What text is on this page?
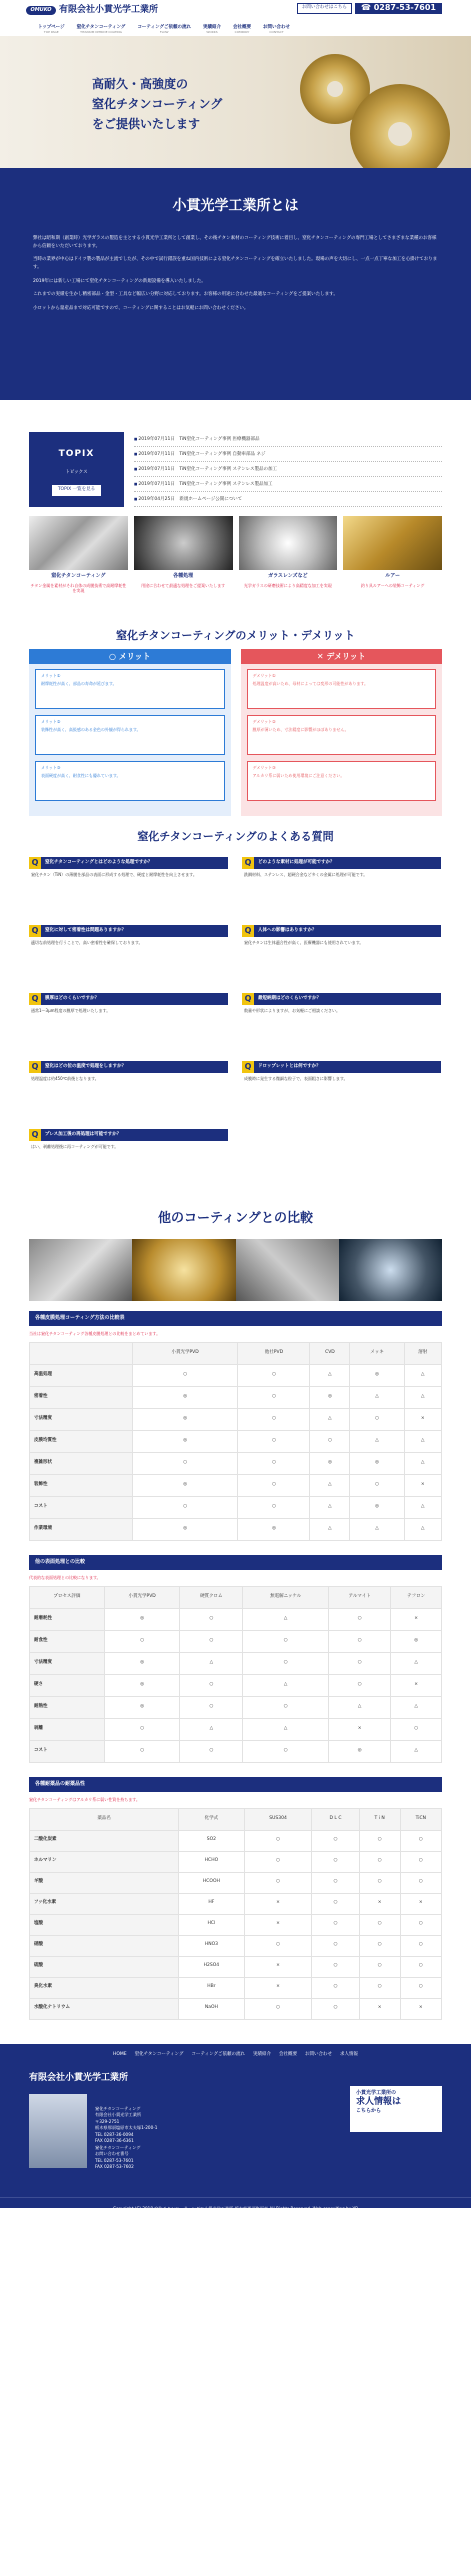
OMUKO 有限会社小貫光学工業所	お問い合わせはこちら	☎ 0287-53-7601
トップページ
TOP PAGE
窒化チタンコーティング
TITANIUM NITRIDE COATING
コーティングご依頼の流れ
FLOW
実績紹介
WORKS
会社概要
COMPANY
お問い合わせ
CONTACT
高耐久・高強度の
窒化チタンコーティング
をご提供いたします
小貫光学工業所とは

弊社は昭和期（創業時）光学ガラスの製造を主とする小貫光学工業所として創業し、その後チタン素材のコーティング技術に着目し、窒化チタンコーティングの専門工場としてさまざまな業種のお客様から信頼をいただいております。

当時の業界が中心はドイツ製の製品が主流でしたが、その中で試行錯誤を重ね国内技術による窒化チタンコーティングを確立いたしました。現場の声を大切にし、一点一点丁寧な加工を心掛けております。

2019年には新しい工場にて窒化チタンコーティングの新規設備を導入いたしました。

これまでの実績を生かし精密部品・金型・工具など幅広い分野に対応しております。お客様の用途に合わせた最適なコーティングをご提案いたします。

小ロットから量産品まで対応可能ですので、コーティングに関することはお気軽にお問い合わせください。

TOPIX
トピックス
TOPIX 一覧を見る
■ 2019年07月11日　TiN窒化コーティング事例 医療機器部品
■ 2019年07月11日　TiN窒化コーティング事例 自動車部品 ネジ
■ 2019年07月11日　TiN窒化コーティング事例 ステンレス製品の加工
■ 2019年07月11日　TiN窒化コーティング事例 ステンレス製品加工
■ 2019年04月25日　新規ホームページ公開について
窒化チタンコーティング
チタン金属を素材がそれ自体の成膜技術で高耐摩耗性を実現
各種処理
用途に合わせて最適な処理をご提案いたします
ガラスレンズなど
光学ガラスの研磨技術により高精度な加工を実現
ルアー
釣り具ルアーへの装飾コーティング
窒化チタンコーティングのメリット・デメリット
○ メリット
メリット①
耐摩耗性が高く、部品の寿命が延びます。
メリット②
装飾性が高く、高級感のある金色の外観が得られます。
メリット③
表面硬度が高く、耐食性にも優れています。
✕ デメリット
デメリット①
処理温度が高いため、母材によっては変形の可能性があります。
デメリット②
膜厚が薄いため、寸法精度に影響がほぼありません。
デメリット③
アルカリ系に弱いため使用環境にご注意ください。
窒化チタンコーティングのよくある質問
Q	窒化チタンコーティングとはどのような処理ですか？
窒化チタン（TiN）の薄膜を部品の表面に形成する処理で、硬度と耐摩耗性を向上させます。
Q	どのような素材に処理が可能ですか？
鉄鋼材料、ステンレス、超硬合金など多くの金属に処理が可能です。
Q	窒化に対して密着性は問題ありますか？
適切な前処理を行うことで、高い密着性を確保しております。
Q	人体への影響はありますか？
窒化チタンは生体適合性が高く、医療機器にも使用されています。
Q	膜厚はどのくらいですか？
通常1〜3μm程度の膜厚で処理いたします。
Q	最短納期はどのくらいですか？
数量や形状によりますが、お気軽にご相談ください。
Q	窒化はどの位の温度で処理をしますか？
処理温度は約450℃前後となります。
Q	ドロップレットとは何ですか？
成膜時に発生する微細な粒子で、表面粗さに影響します。
Q	プレス加工後の再処理は可能ですか？
はい、剥離処理後に再コーティングが可能です。
他のコーティングとの比較
各種皮膜処理コーティング方法の比較表
当社は窒化チタンコーティング各種皮膜処理との比較をまとめています。
	小貫光学PVD	他社PVD	CVD	メッキ	溶射
高温処理	○	○	△	◎	△
密着性	◎	○	◎	△	△
寸法精度	◎	○	△	○	×
皮膜均質性	◎	○	○	△	△
複雑形状	○	○	◎	◎	△
装飾性	◎	○	△	○	×
コスト	○	○	△	◎	△
作業環境	◎	◎	△	△	△
他の表面処理との比較
代表的な表面処理との比較になります。
プロセス評価	小貫光学PVD	硬質クロム	無電解ニッケル	アルマイト	テフロン
耐磨耗性	◎	○	△	○	×
耐食性	○	○	○	○	◎
寸法精度	◎	△	○	○	△
硬さ	◎	○	△	○	×
耐熱性	◎	○	○	△	△
剥離	○	△	△	×	○
コスト	○	○	○	◎	△
各種耐薬品の耐薬品性
窒化チタンコーティングはアルカリ系に弱い性質を持ちます。
薬品名	化学式	SUS304	D L C	T i N	TiCN
二酸化炭素	SO2	○	○	○	○
ホルマリン	HCHO	○	○	○	○
ギ酸	HCOOH	○	○	○	○
フッ化水素	HF	×	○	×	×
塩酸	HCl	×	○	○	○
硝酸	HNO3	○	○	○	○
硫酸	H2SO4	×	○	○	○
臭化水素	HBr	×	○	○	○
水酸化ナトリウム	NaOH	○	○	×	×
HOME 窒化チタンコーティング コーティングご依頼の流れ 実績紹介 会社概要 お問い合わせ 求人情報
有限会社小貫光学工業所
窒化チタンコーティング
有限会社小貫光学工業所
〒329-2751
栃木県那須塩原市太夫塚1-200-1
TEL 0287-36-0094
FAX 0287-36-6361
窒化チタンコーティング
お問い合わせ番号
TEL 0287-53-7601
FAX 0287-53-7602
小貫光学工業所の
求人情報は
こちらから
Copyright (C) 2018 窒化チタンコーティングの小貫光学工業所 栃木県那須塩原市 All Rights Reserved. Web consulting by YB
